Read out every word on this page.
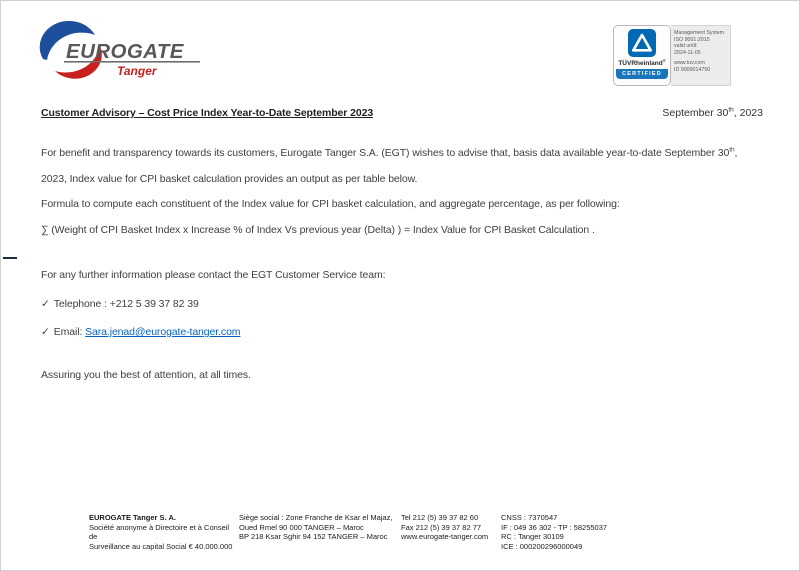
EUROGATE
Tanger
TÜVRheinland®
CERTIFIED
Management System
ISO 9001:2015
valid until:
2024-11-05
www.tuv.com
ID 9000014750
Customer Advisory – Cost Price Index Year-to-Date September 2023	September 30th, 2023

For benefit and transparency towards its customers, Eurogate Tanger S.A. (EGT) wishes to advise that, basis data available year-to-date September 30th, 2023, Index value for CPI basket calculation provides an output as per table below.

Formula to compute each constituent of the Index value for CPI basket calculation, and aggregate percentage, as per following:

∑ (Weight of CPI Basket Index x Increase % of Index Vs previous year (Delta) ) = Index Value for CPI Basket Calculation .

For any further information please contact the EGT Customer Service team:

✓ Telephone : +212 5 39 37 82 39

✓ Email: Sara.jenad@eurogate-tanger.com

Assuring you the best of attention, at all times.

EUROGATE Tanger S. A.
Société anonyme à Directoire et à Conseil de
Surveillance au capital Social € 40.000.000
Siège social : Zone Franche de Ksar el Majaz,
Oued Rmel 90 000 TANGER – Maroc
BP 218 Ksar Sghir 94 152 TANGER – Maroc
Tel 212 (5) 39 37 82 60
Fax 212 (5) 39 37 82 77
www.eurogate-tanger.com
CNSS : 7370547
IF : 049 36 302 - TP : 58255037
RC : Tanger 30109
ICE : 000200296000049
